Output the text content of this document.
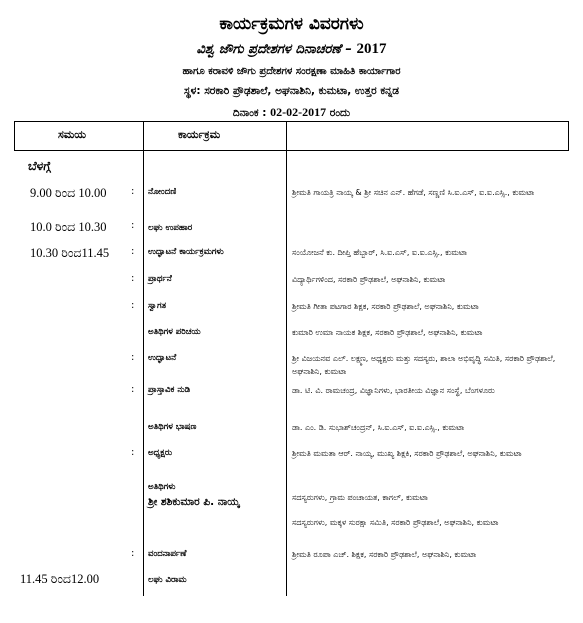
ಕಾರ್ಯಕ್ರಮಗಳ ವಿವರಗಳು
ವಿಶ್ವ ಜೌಗು ಪ್ರದೇಶಗಳ ದಿನಾಚರಣೆ – 2017
ಹಾಗೂ ಕರಾವಳಿ ಜೌಗು ಪ್ರದೇಶಗಳ ಸಂರಕ್ಷಣಾ ಮಾಹಿತಿ ಕಾರ್ಯಾಗಾರ
ಸ್ಥಳ: ಸರಕಾರಿ ಪ್ರೌಢಶಾಲೆ, ಅಘನಾಶಿನಿ, ಕುಮಟಾ, ಉತ್ತರ ಕನ್ನಡ
ದಿನಾಂಕ : 02-02-2017 ರಂದು
ಸಮಯ	ಕಾರ್ಯಕ್ರಮ
ಬೆಳಗ್ಗೆ
9.00 ರಿಂದ 10.00 : ನೋಂದಣಿ	ಶ್ರೀಮತಿ ಗಾಯತ್ರಿ ನಾಯ್ಕ & ಶ್ರೀ ಸಚಿನ ಎನ್. ಹೆಗಡೆ, ಸಣ್ಣಣಿ ಸಿ.ಐ.ಎಸ್, ಐ.ಐ.ಎಸ್ಸಿ., ಕುಮಟಾ
10.0 ರಿಂದ 10.30 : ಲಘು ಉಪಹಾರ
10.30 ರಿಂದ11.45 : ಉದ್ಘಾಟನೆ ಕಾರ್ಯಕ್ರಮಗಳು	ಸಂಯೋಜನೆ ಕು. ದೀಪ್ತಿ ಹೆಬ್ಬಾರ್, ಸಿ.ಐ.ಎಸ್, ಐ.ಐ.ಎಸ್ಸಿ., ಕುಮಟಾ
: ಪ್ರಾರ್ಥನೆ	ವಿದ್ಯಾರ್ಥಿಗಳಿಂದ, ಸರಕಾರಿ ಪ್ರೌಢಶಾಲೆ, ಅಘನಾಶಿನಿ, ಕುಮಟಾ
: ಸ್ವಾಗತ	ಶ್ರೀಮತಿ ಗೀತಾ ಪಟಗಾರ ಶಿಕ್ಷಕ, ಸರಕಾರಿ ಪ್ರೌಢಶಾಲೆ, ಅಘನಾಶಿನಿ, ಕುಮಟಾ
ಅತಿಥಿಗಳ ಪರಿಚಯ	ಕುಮಾರಿ ಉಮಾ ನಾಯಕ ಶಿಕ್ಷಕ, ಸರಕಾರಿ ಪ್ರೌಢಶಾಲೆ, ಅಘನಾಶಿನಿ, ಕುಮಟಾ
: ಉದ್ಘಾಟನೆ	ಶ್ರೀ ವಿಜಯನವ ಎಲ್. ಲಕ್ಷ್ಮಣ, ಅಧ್ಯಕ್ಷರು ಮತ್ತು ಸದಸ್ಯರು, ಶಾಲಾ ಅಭಿವೃದ್ಧಿ ಸಮಿತಿ, ಸರಕಾರಿ ಪ್ರೌಢಶಾಲೆ, ಅಘನಾಶಿನಿ, ಕುಮಟಾ
: ಪ್ರಾಸ್ತಾವಿಕ ನುಡಿ	ಡಾ. ಟಿ. ವಿ. ರಾಮಚಂದ್ರ, ವಿಜ್ಞಾನಿಗಳು, ಭಾರತೀಯ ವಿಜ್ಞಾನ ಸಂಸ್ಥೆ, ಬೆಂಗಳೂರು
ಅತಿಥಿಗಳ ಭಾಷಣ	ಡಾ. ಎಂ. ಡಿ. ಸುಭಾಶ್‌ಚಂದ್ರನ್, ಸಿ.ಐ.ಎಸ್, ಐ.ಐ.ಎಸ್ಸಿ., ಕುಮಟಾ
: ಅಧ್ಯಕ್ಷರು	ಶ್ರೀಮತಿ ಮಮತಾ ಆರ್. ನಾಯ್ಕ, ಮುಖ್ಯ ಶಿಕ್ಷಕಿ, ಸರಕಾರಿ ಪ್ರೌಢಶಾಲೆ, ಅಘನಾಶಿನಿ, ಕುಮಟಾ
ಅತಿಥಿಗಳು
ಶ್ರೀ ಶಶಿಕುಮಾರ ಪಿ. ನಾಯ್ಕ	ಸದಸ್ಯರುಗಳು, ಗ್ರಾಮ ಪಂಚಾಯತ, ಕಾಗಲ್, ಕುಮಟಾ
ಸದಸ್ಯರುಗಳು, ಮಕ್ಕಳ ಸುರಕ್ಷಾ ಸಮಿತಿ, ಸರಕಾರಿ ಪ್ರೌಢಶಾಲೆ, ಅಘನಾಶಿನಿ, ಕುಮಟಾ
: ವಂದನಾರ್ಪಣೆ	ಶ್ರೀಮತಿ ರೂಪಾ ಎಚ್. ಶಿಕ್ಷಕ, ಸರಕಾರಿ ಪ್ರೌಢಶಾಲೆ, ಅಘನಾಶಿನಿ, ಕುಮಟಾ
11.45 ರಿಂದ12.00	ಲಘು ವಿರಾಮ
